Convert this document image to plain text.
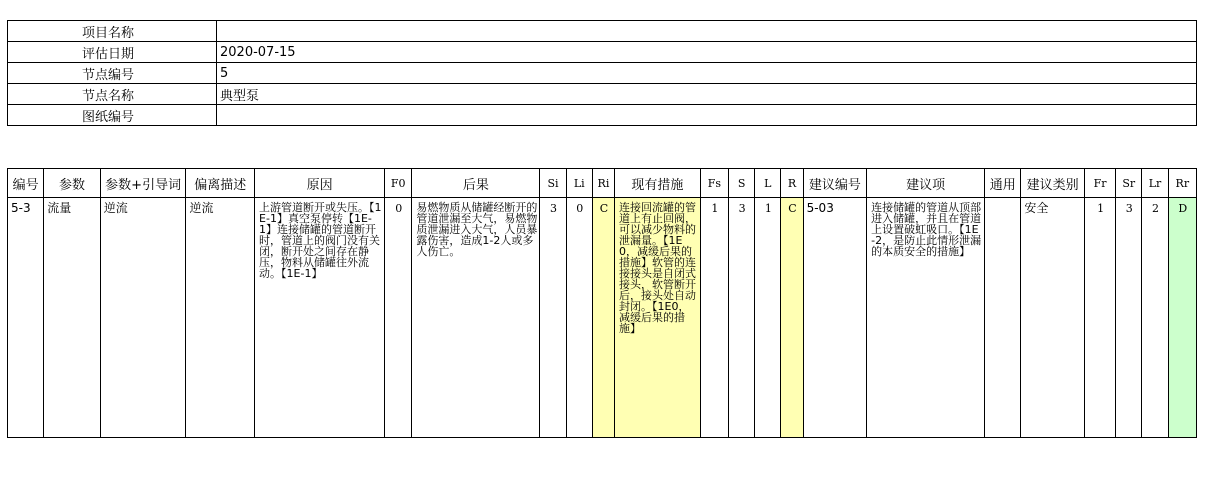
项目名称	
评估日期	2020-07-15
节点编号	5
节点名称	典型泵
图纸编号	
编号	参数	参数+引导词	偏离描述	原因	F0	后果	Si	Li	Ri	现有措施	Fs	S	L	R	建议编号	建议项	通用	建议类别	Fr	Sr	Lr	Rr
5-3	流量	逆流	逆流	上游管道断开或失压。【1E-1】真空泵停转【1E-1】连接储罐的管道断开时，管道上的阀门没有关闭，断开处之间存在静压，物料从储罐往外流动。【1E-1】	0	易燃物质从储罐经断开的管道泄漏至大气，易燃物质泄漏进入大气，人员暴露伤害，造成1-2人或多人伤亡。	3	0	C	连接回流罐的管道上有止回阀，可以减少物料的泄漏量。【1E0，减缓后果的措施】软管的连接接头是自闭式接头，软管断开后，接头处自动封闭。【1E0，减缓后果的措施】	1	3	1	C	5-03	连接储罐的管道从顶部进入储罐，并且在管道上设置破虹吸口。【1E-2，是防止此情形泄漏的本质安全的措施】		安全	1	3	2	D
